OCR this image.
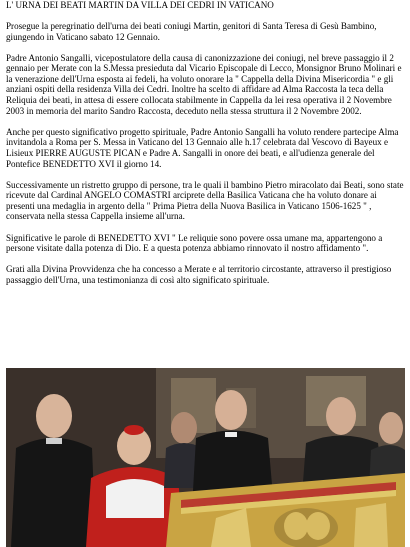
L' URNA DEI BEATI MARTIN DA VILLA DEI CEDRI IN VATICANO

Prosegue la peregrinatio dell'urna dei beati coniugi Martin, genitori di Santa Teresa di Gesù Bambino, giungendo in Vaticano sabato 12 Gennaio.

Padre Antonio Sangalli, vicepostulatore della causa di canonizzazione dei coniugi, nel breve passaggio il 2 gennaio per Merate con la S.Messa presieduta dal Vicario Episcopale di Lecco, Monsignor Bruno Molinari e la venerazione dell'Urna esposta ai fedeli, ha voluto onorare la " Cappella della Divina Misericordia " e gli anziani ospiti della residenza Villa dei Cedri. Inoltre ha scelto di affidare ad Alma Raccosta la teca della Reliquia dei beati, in attesa di essere collocata stabilmente in Cappella da lei resa operativa il 2 Novembre 2003 in memoria del marito Sandro Raccosta, deceduto nella stessa struttura il 2 Novembre 2002.

Anche per questo significativo progetto spirituale, Padre Antonio Sangalli ha voluto rendere partecipe Alma invitandola a Roma per S. Messa in Vaticano del 13 Gennaio alle h.17 celebrata dal Vescovo di Bayeux e Lisieux PIERRE AUGUSTE PICAN e Padre A. Sangalli in onore dei beati, e all'udienza generale del Pontefice BENEDETTO XVI il giorno 14.

Successivamente un ristretto gruppo di persone, tra le quali il bambino Pietro miracolato dai Beati, sono state ricevute dal Cardinal ANGELO COMASTRI arciprete della Basilica Vaticana che ha voluto donare ai presenti una medaglia in argento della " Prima Pietra della Nuova Basilica in Vaticano 1506-1625 " , conservata nella stessa Cappella insieme all'urna.

Significative le parole di BENEDETTO XVI " Le reliquie sono povere ossa umane ma, appartengono a persone visitate dalla potenza di Dio. E a questa potenza abbiamo rinnovato il nostro affidamento ".

Grati alla Divina Provvidenza che ha concesso a Merate e al territorio circostante, attraverso il prestigioso passaggio dell'Urna, una testimonianza di così alto significato spirituale.
